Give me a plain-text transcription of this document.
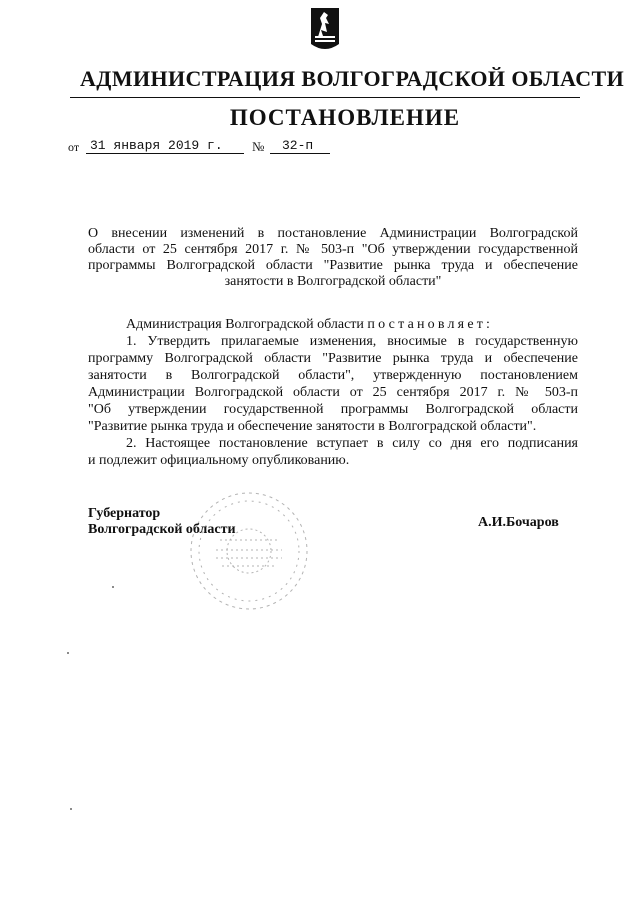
АДМИНИСТРАЦИЯ ВОЛГОГРАДСКОЙ ОБЛАСТИ
ПОСТАНОВЛЕНИЕ
от 31 января 2019 г.	№	32-п
О внесении изменений в постановление Администрации Волгоградской
области от 25 сентября 2017 г. № 503-п "Об утверждении государственной
программы Волгоградской области "Развитие рынка труда и обеспечение
занятости в Волгоградской области"
Администрация Волгоградской области постановляет:
1. Утвердить прилагаемые изменения, вносимые в государственную
программу Волгоградской области "Развитие рынка труда и обеспечение
занятости в Волгоградской области", утвержденную постановлением
Администрации Волгоградской области от 25 сентября 2017 г. № 503-п
"Об утверждении государственной программы Волгоградской области
"Развитие рынка труда и обеспечение занятости в Волгоградской области".
2. Настоящее постановление вступает в силу со дня его подписания
и подлежит официальному опубликованию.
Губернатор
Волгоградской области	А.И.Бочаров
